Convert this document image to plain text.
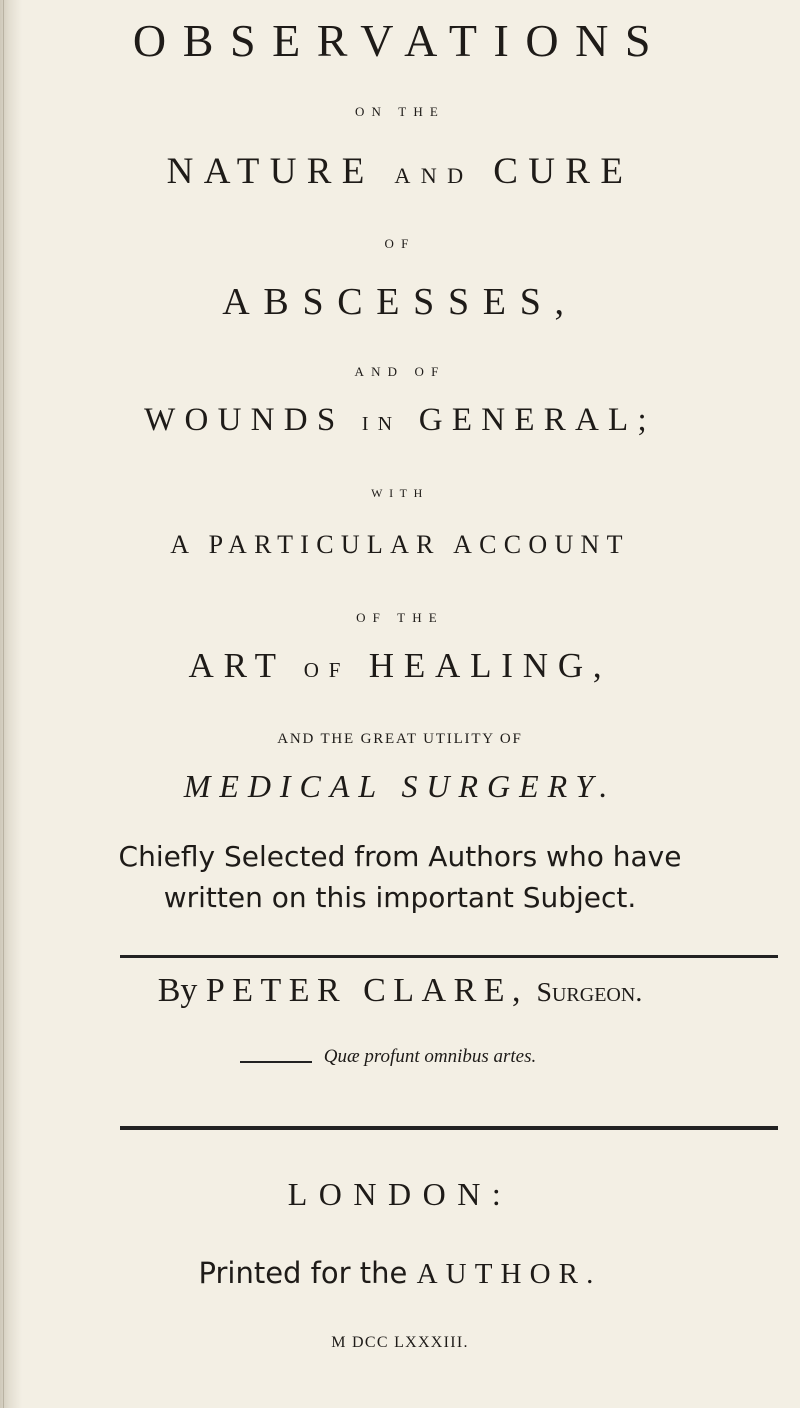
OBSERVATIONS
ON THE
NATURE AND CURE
OF
ABSCESSES,
AND OF
WOUNDS IN GENERAL;
WITH
A PARTICULAR ACCOUNT
OF THE
ART OF HEALING,
AND THE GREAT UTILITY OF
MEDICAL SURGERY.
Chiefly Selected from Authors who have
written on this important Subject.
By PETER CLARE, Surgeon.
Quæ profunt omnibus artes.
LONDON:
Printed for the AUTHOR.
M DCC LXXXIII.
